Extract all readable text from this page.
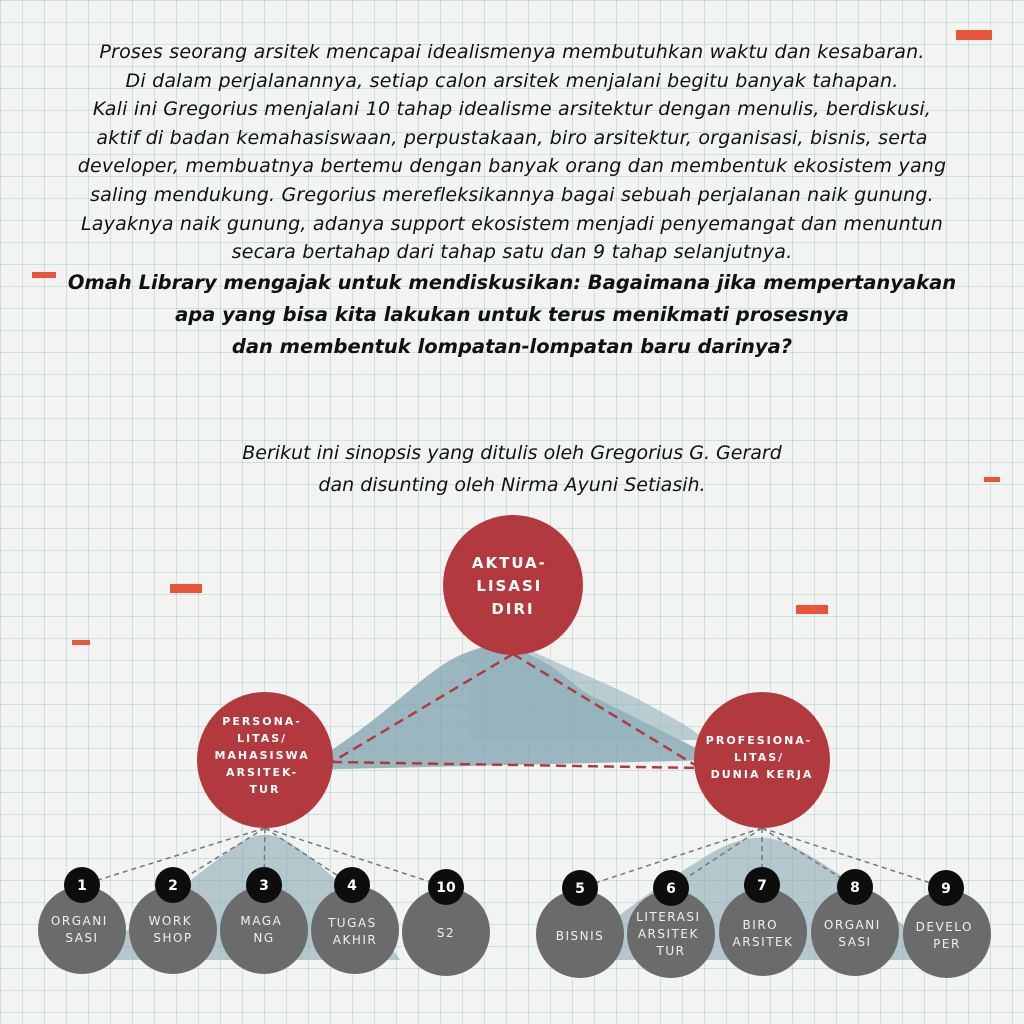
Proses seorang arsitek mencapai idealismenya membutuhkan waktu dan kesabaran.

Di dalam perjalanannya, setiap calon arsitek menjalani begitu banyak tahapan.

Kali ini Gregorius menjalani 10 tahap idealisme arsitektur dengan menulis, berdiskusi,

aktif di badan kemahasiswaan, perpustakaan, biro arsitektur, organisasi, bisnis, serta

developer, membuatnya bertemu dengan banyak orang dan membentuk ekosistem yang

saling mendukung. Gregorius merefleksikannya bagai sebuah perjalanan naik gunung.

Layaknya naik gunung, adanya support ekosistem menjadi penyemangat dan menuntun

secara bertahap dari tahap satu dan 9 tahap selanjutnya.

Omah Library mengajak untuk mendiskusikan: Bagaimana jika mempertanyakan

apa yang bisa kita lakukan untuk terus menikmati prosesnya

dan membentuk lompatan-lompatan baru darinya?

Berikut ini sinopsis yang ditulis oleh Gregorius G. Gerard

dan disunting oleh Nirma Ayuni Setiasih.

AKTUA- LISASI DIRI
PERSONA- LITAS/ MAHASISWA ARSITEK- TUR
PROFESIONA- LITAS/ DUNIA KERJA
ORGANI SASI
1
WORK SHOP
2
MAGA NG
3
TUGAS AKHIR
4
S2
10
BISNIS
5
LITERASI ARSITEK TUR
6
BIRO ARSITEK
7
ORGANI SASI
8
DEVELO PER
9
